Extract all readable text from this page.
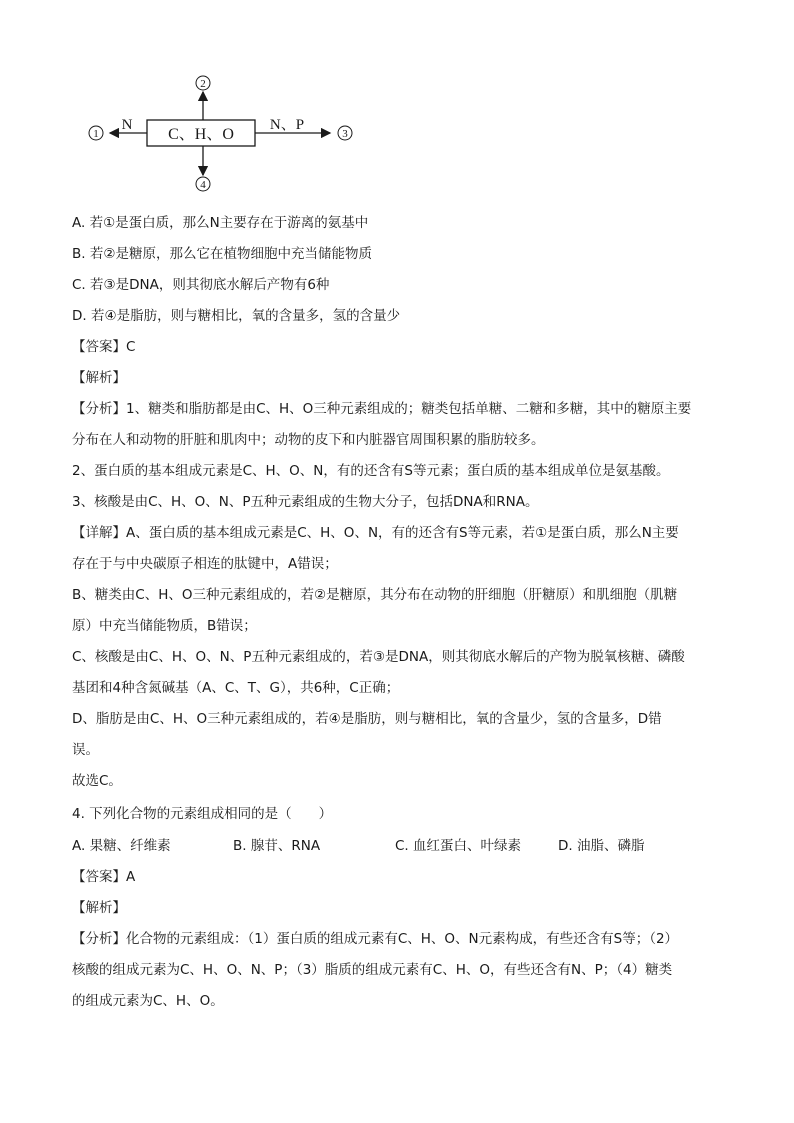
C、H、O
2
4
1
N
3
N、P
A. 若①是蛋白质，那么N主要存在于游离的氨基中
B. 若②是糖原，那么它在植物细胞中充当储能物质
C. 若③是DNA，则其彻底水解后产物有6种
D. 若④是脂肪，则与糖相比，氧的含量多，氢的含量少
【答案】C
【解析】
【分析】1、糖类和脂肪都是由C、H、O三种元素组成的；糖类包括单糖、二糖和多糖，其中的糖原主要
分布在人和动物的肝脏和肌肉中；动物的皮下和内脏器官周围积累的脂肪较多。
2、蛋白质的基本组成元素是C、H、O、N，有的还含有S等元素；蛋白质的基本组成单位是氨基酸。
3、核酸是由C、H、O、N、P五种元素组成的生物大分子，包括DNA和RNA。
【详解】A、蛋白质的基本组成元素是C、H、O、N，有的还含有S等元素，若①是蛋白质，那么N主要
存在于与中央碳原子相连的肽键中，A错误；
B、糖类由C、H、O三种元素组成的，若②是糖原，其分布在动物的肝细胞（肝糖原）和肌细胞（肌糖
原）中充当储能物质，B错误；
C、核酸是由C、H、O、N、P五种元素组成的，若③是DNA，则其彻底水解后的产物为脱氧核糖、磷酸
基团和4种含氮碱基（A、C、T、G），共6种，C正确；
D、脂肪是由C、H、O三种元素组成的，若④是脂肪，则与糖相比，氧的含量少，氢的含量多，D错
误。
故选C。
4. 下列化合物的元素组成相同的是（　　）
A. 果糖、纤维素	B. 腺苷、RNA	C. 血红蛋白、叶绿素	D. 油脂、磷脂
【答案】A
【解析】
【分析】化合物的元素组成：（1）蛋白质的组成元素有C、H、O、N元素构成，有些还含有S等；（2）
核酸的组成元素为C、H、O、N、P；（3）脂质的组成元素有C、H、O，有些还含有N、P；（4）糖类
的组成元素为C、H、O。
